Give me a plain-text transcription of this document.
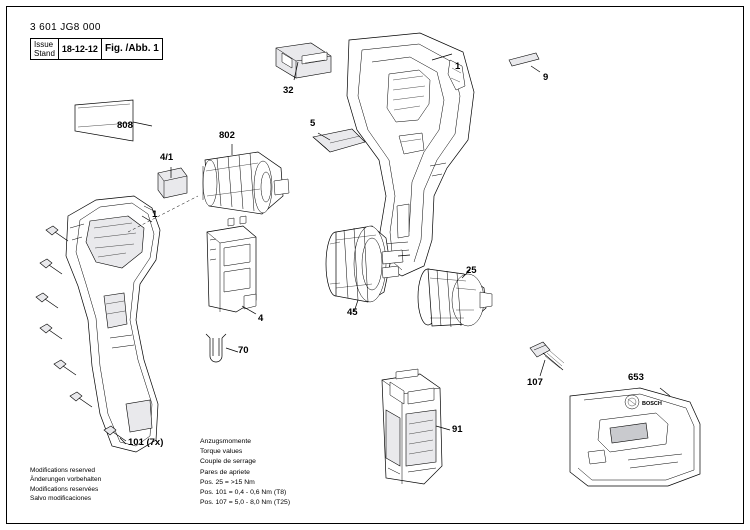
3 601 JG8 000
Issue
Stand 18-12-12 Fig. /Abb. 1
BOSCH
808
4/1
802
32
1
9
5
1
4
45
25
70
107	653
91
101 (7x)	Anzugsmomente
Torque values
Couple de serrage
Pares de apriete
Pos. 25 = >15 Nm
Pos. 101 = 0,4 - 0,6 Nm (T8)
Pos. 107 = 5,0 - 8,0 Nm (T25)
Modifications reserved
Änderungen vorbehalten
Modifications reservées
Salvo modificaciones
